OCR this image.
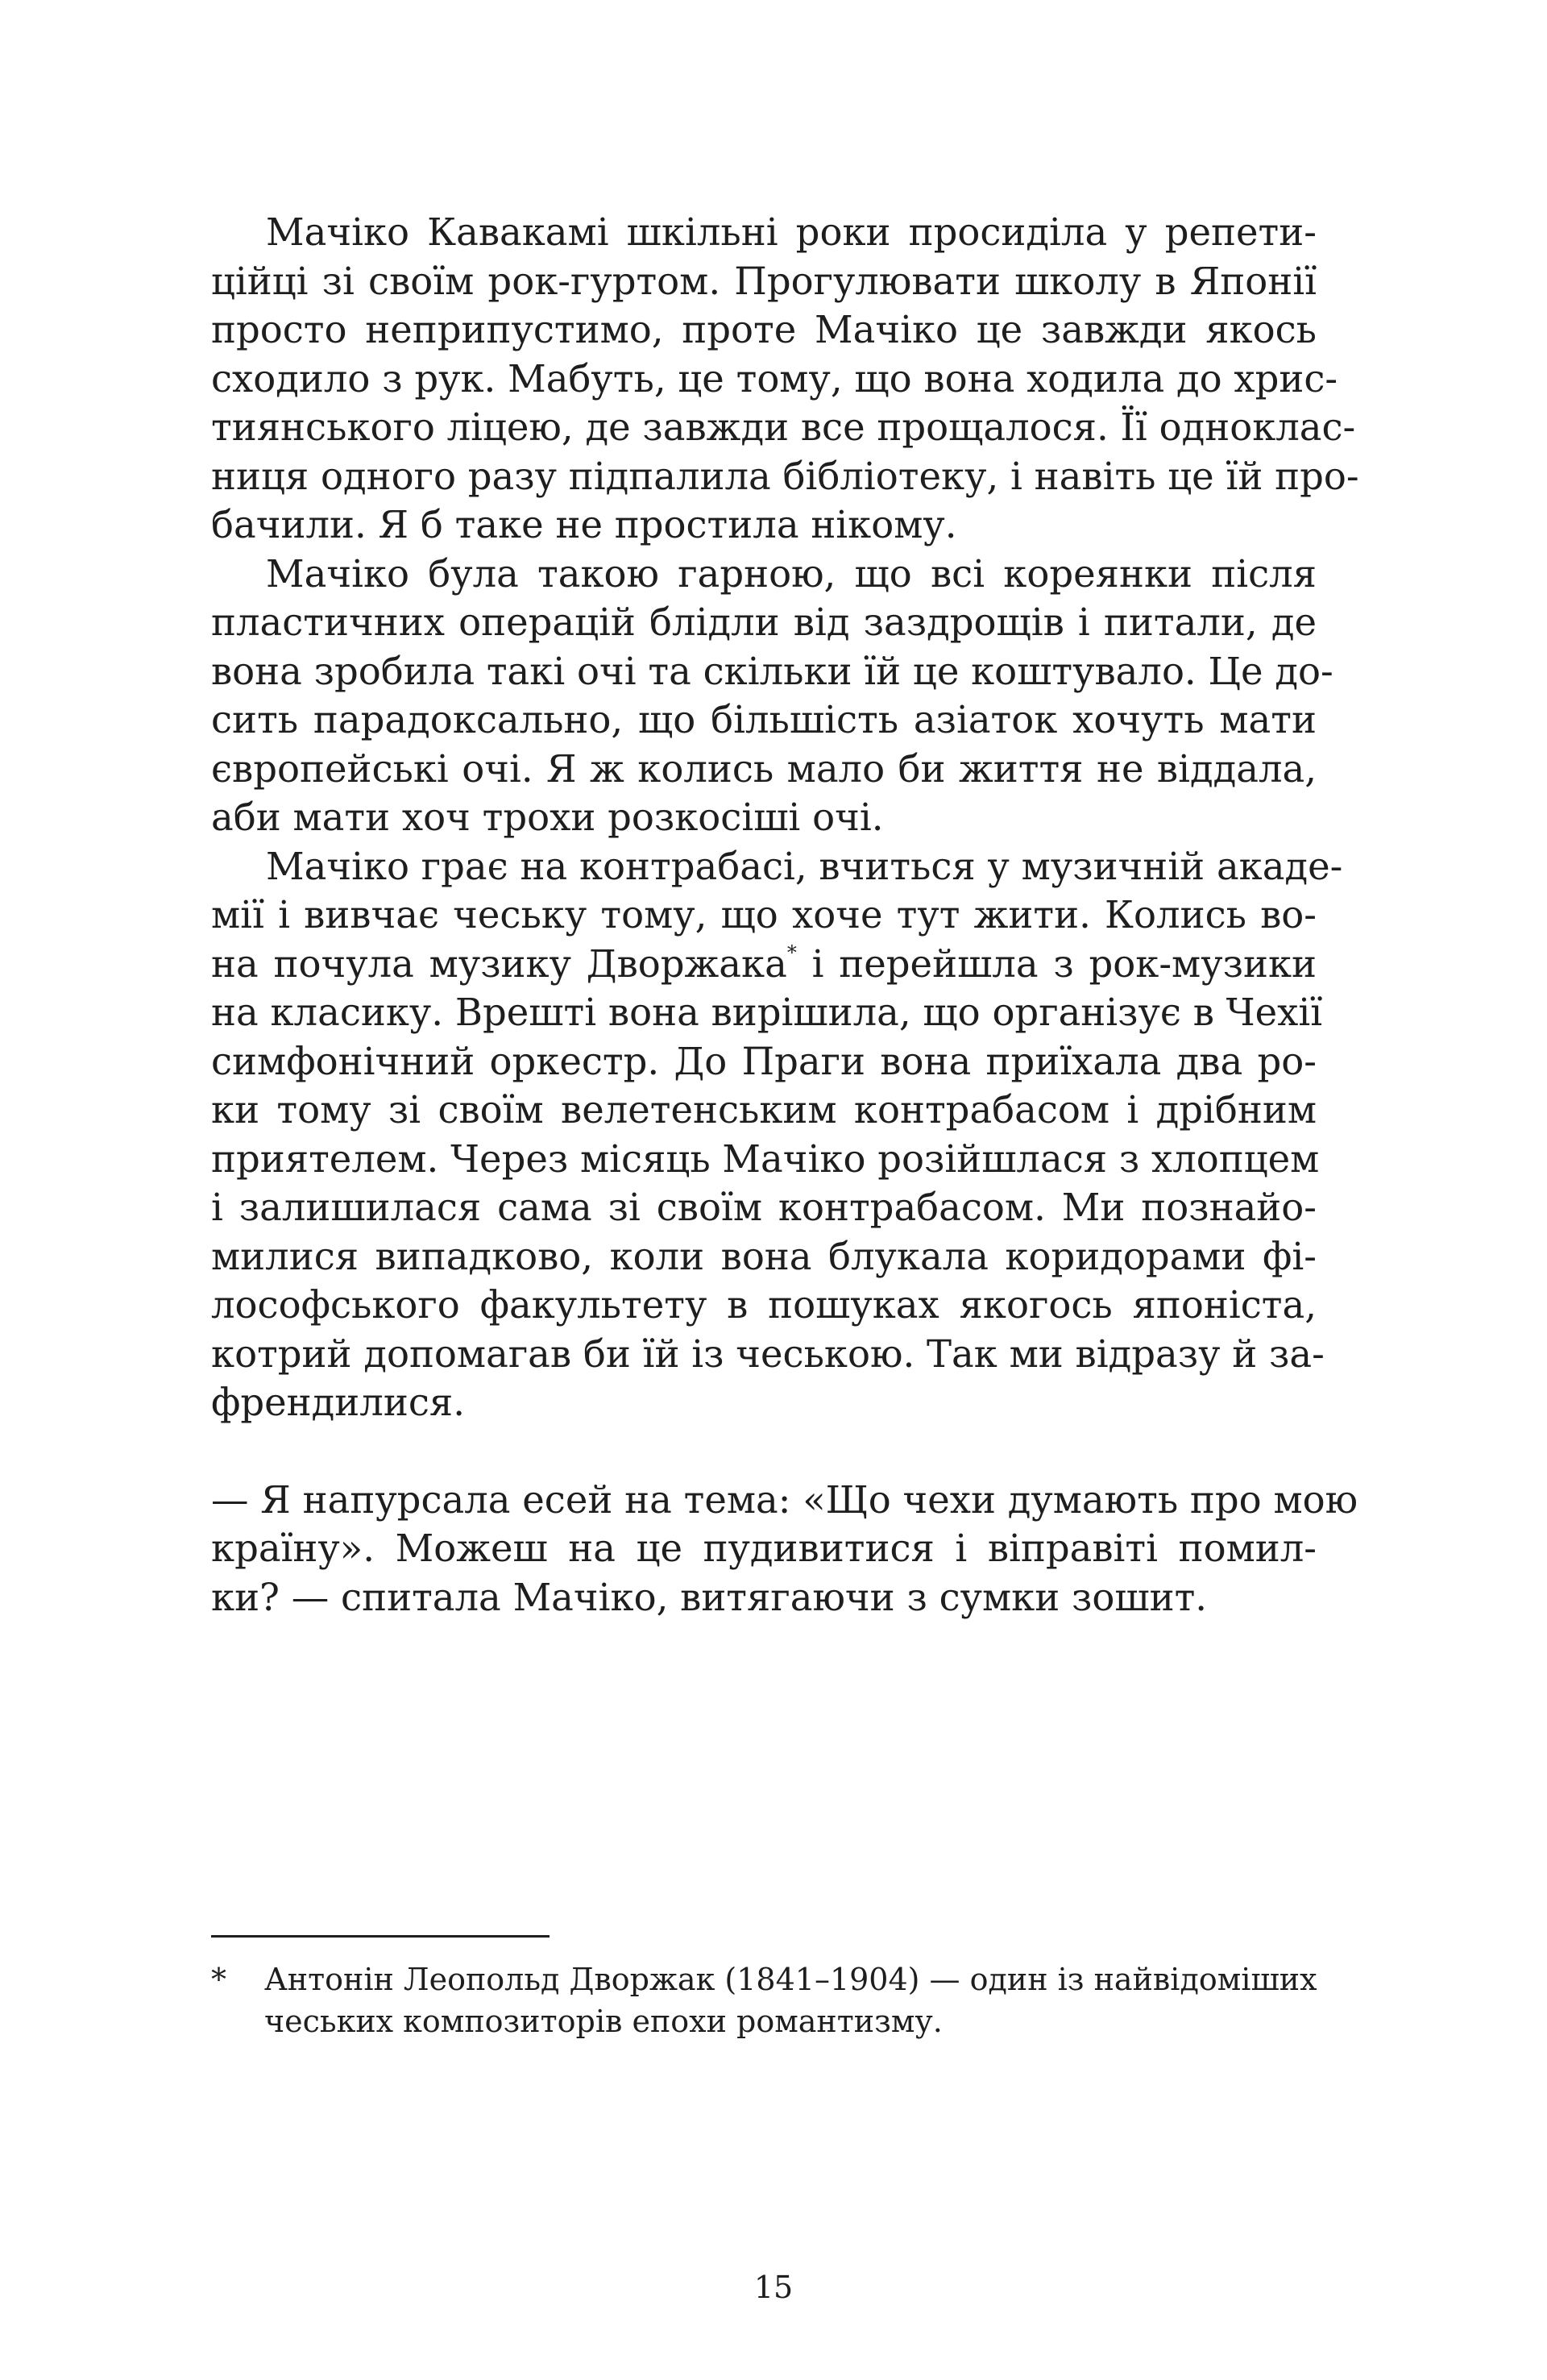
Мачіко Кавакамі шкільні роки просиділа у репети-
ційці зі своїм рок-гуртом. Прогулювати школу в Японії
просто неприпустимо, проте Мачіко це завжди якось
сходило з рук. Мабуть, це тому, що вона ходила до хрис-
тиянського ліцею, де завжди все прощалося. Її одноклас-
ниця одного разу підпалила бібліотеку, і навіть це їй про-
бачили. Я б таке не простила нікому.
Мачіко була такою гарною, що всі кореянки після
пластичних операцій блідли від заздрощів і питали, де
вона зробила такі очі та скільки їй це коштувало. Це до-
сить парадоксально, що більшість азіаток хочуть мати
європейські очі. Я ж колись мало би життя не віддала,
аби мати хоч трохи розкосіші очі.
Мачіко грає на контрабасі, вчиться у музичній акаде-
мії і вивчає чеську тому, що хоче тут жити. Колись во-
на почула музику Дворжака* і перейшла з рок-музики
на класику. Врешті вона вирішила, що організує в Чехії
симфонічний оркестр. До Праги вона приїхала два ро-
ки тому зі своїм велетенським контрабасом і дрібним
приятелем. Через місяць Мачіко розійшлася з хлопцем
і залишилася сама зі своїм контрабасом. Ми познайо-
милися випадково, коли вона блукала коридорами фі-
лософського факультету в пошуках якогось японіста,
котрий допомагав би їй із чеською. Так ми відразу й за-
френдилися.
— Я напурсала есей на тема: «Що чехи думають про мою
країну». Можеш на це пудивитися і віправіті помил-
ки? — спитала Мачіко, витягаючи з сумки зошит.
*	Антонін Леопольд Дворжак (1841–1904) — один із найвідоміших
чеських композиторів епохи романтизму.
15
